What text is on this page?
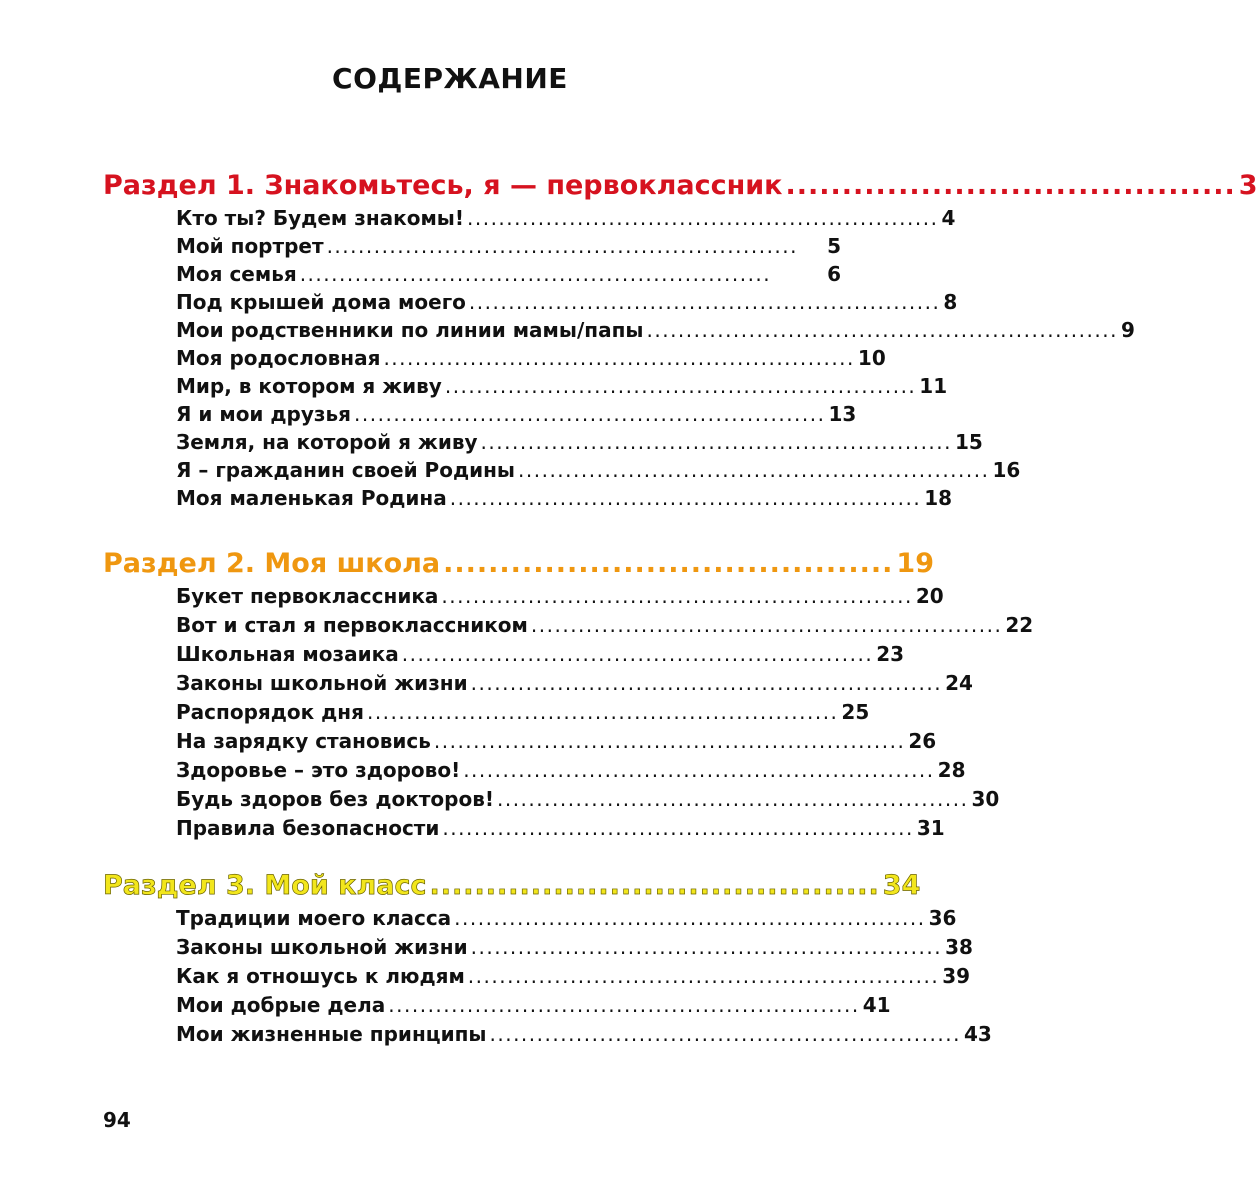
СОДЕРЖАНИЕ
Раздел 1. Знакомьтесь, я — первоклассник ........................................ 3
Кто ты? Будем знакомы! ............................................................ 4
Мой портрет ............................................................	5
Моя семья ............................................................	6
Под крышей дома моего ............................................................ 8
Мои родственники по линии мамы/папы ............................................................ 9
Моя родословная ............................................................ 10
Мир, в котором я живу ............................................................ 11
Я и мои друзья ............................................................ 13
Земля, на которой я живу ............................................................ 15
Я – гражданин своей Родины ............................................................ 16
Моя маленькая Родина ............................................................ 18
Раздел 2. Моя школа ........................................ 19
Букет первоклассника ............................................................ 20
Вот и стал я первоклассником ............................................................ 22
Школьная мозаика ............................................................ 23
Законы школьной жизни ............................................................ 24
Распорядок дня ............................................................ 25
На зарядку становись ............................................................ 26
Здоровье – это здорово! ............................................................ 28
Будь здоров без докторов! ............................................................ 30
Правила безопасности ............................................................ 31
Раздел 3. Мой класс ........................................ 34
Традиции моего класса ............................................................ 36
Законы школьной жизни ............................................................ 38
Как я отношусь к людям ............................................................ 39
Мои добрые дела ............................................................ 41
Мои жизненные принципы ............................................................ 43
94
